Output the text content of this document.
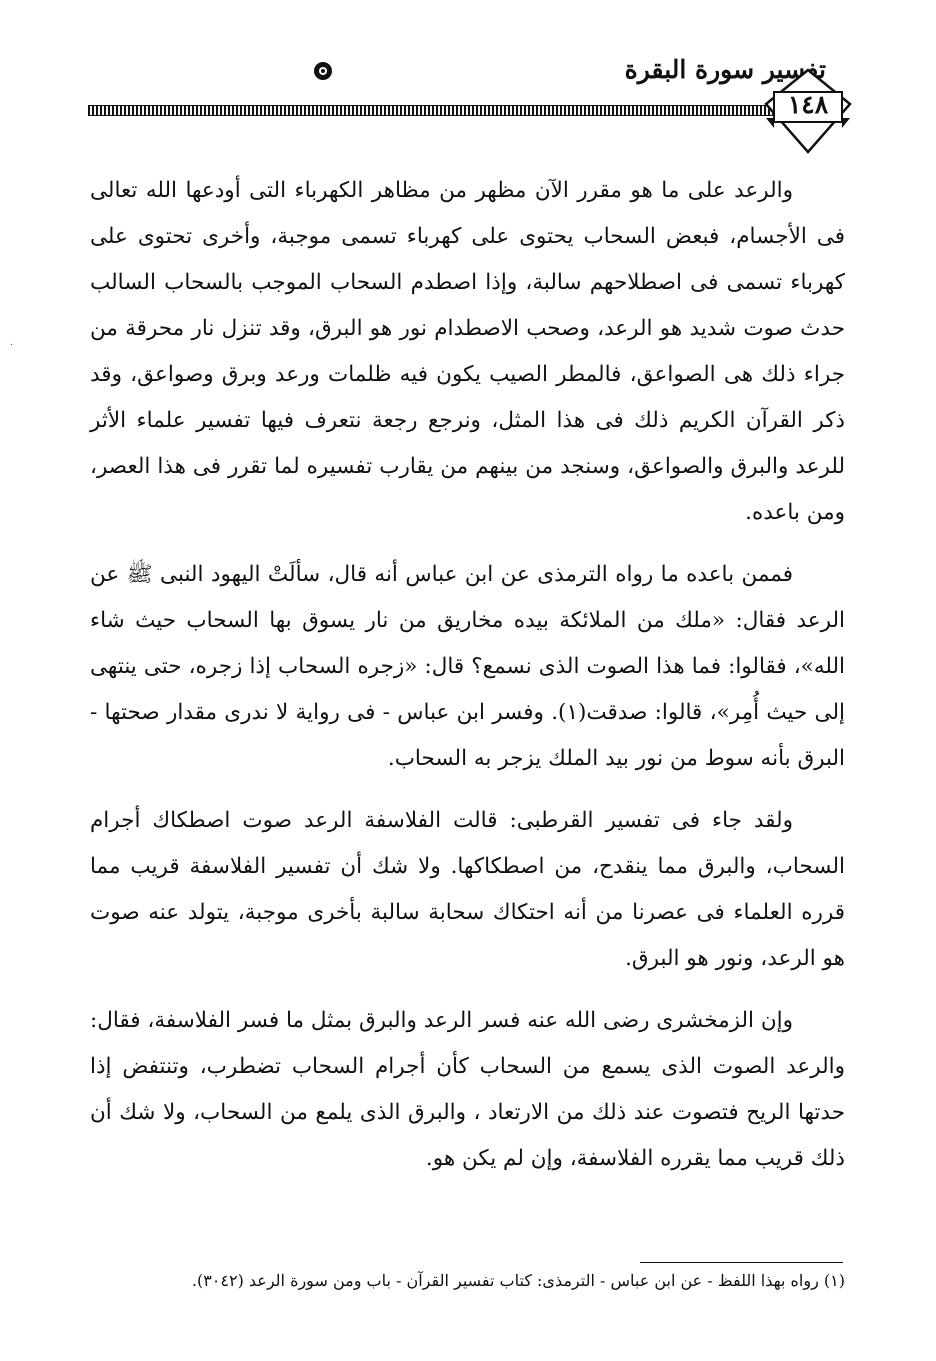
تفسير سورة البقرة
١٤٨

والرعد على ما هو مقرر الآن مظهر من مظاهر الكهرباء التى أودعها الله تعالى فى الأجسام، فبعض السحاب يحتوى على كهرباء تسمى موجبة، وأخرى تحتوى على كهرباء تسمى فى اصطلاحهم سالبة، وإذا اصطدم السحاب الموجب بالسحاب السالب حدث صوت شديد هو الرعد، وصحب الاصطدام نور هو البرق، وقد تنزل نار محرقة من جراء ذلك هى الصواعق، فالمطر الصيب يكون فيه ظلمات ورعد وبرق وصواعق، وقد ذكر القرآن الكريم ذلك فى هذا المثل، ونرجع رجعة نتعرف فيها تفسير علماء الأثر للرعد والبرق والصواعق، وسنجد من بينهم من يقارب تفسيره لما تقرر فى هذا العصر، ومن باعده.

فممن باعده ما رواه الترمذى عن ابن عباس أنه قال، سألَتْ اليهود النبى ﷺ عن الرعد فقال: «ملك من الملائكة بيده مخاريق من نار يسوق بها السحاب حيث شاء الله»، فقالوا: فما هذا الصوت الذى نسمع؟ قال: «زجره السحاب إذا زجره، حتى ينتهى إلى حيث أُمِر»، قالوا: صدقت(١). وفسر ابن عباس - فى رواية لا ندرى مقدار صحتها - البرق بأنه سوط من نور بيد الملك يزجر به السحاب.

ولقد جاء فى تفسير القرطبى: قالت الفلاسفة الرعد صوت اصطكاك أجرام السحاب، والبرق مما ينقدح، من اصطكاكها. ولا شك أن تفسير الفلاسفة قريب مما قرره العلماء فى عصرنا من أنه احتكاك سحابة سالبة بأخرى موجبة، يتولد عنه صوت هو الرعد، ونور هو البرق.

وإن الزمخشرى رضى الله عنه فسر الرعد والبرق بمثل ما فسر الفلاسفة، فقال: والرعد الصوت الذى يسمع من السحاب كأن أجرام السحاب تضطرب، وتنتفض إذا حدتها الريح فتصوت عند ذلك من الارتعاد ، والبرق الذى يلمع من السحاب، ولا شك أن ذلك قريب مما يقرره الفلاسفة، وإن لم يكن هو.

(١) رواه بهذا اللفظ - عن ابن عباس - الترمذى: كتاب تفسير القرآن - باب ومن سورة الرعد (٣٠٤٢).
·
